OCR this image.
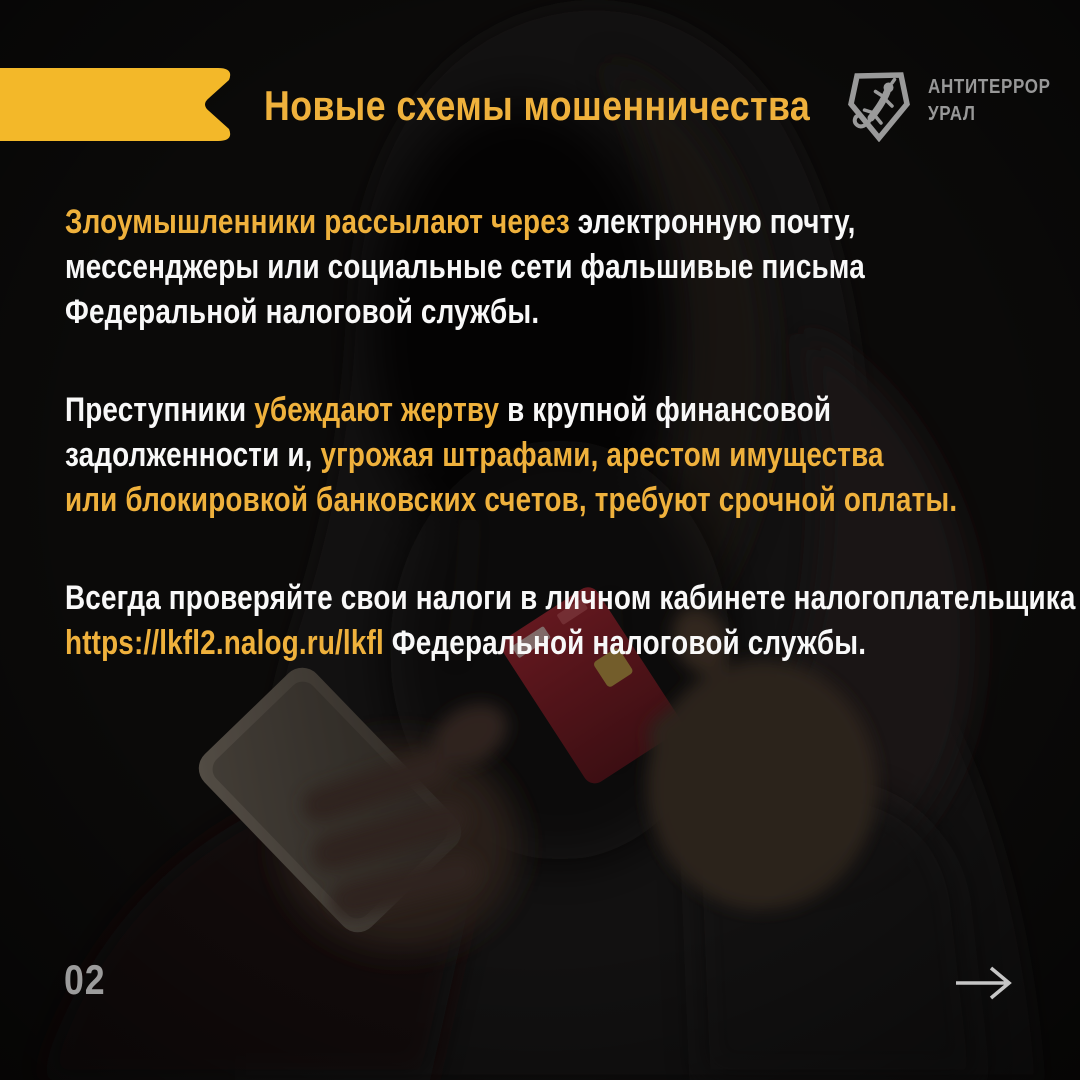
Новые схемы мошенничества	АНТИТЕРРОР
УРАЛ
Злоумышленники рассылают через электронную почту,
мессенджеры или социальные сети фальшивые письма
Федеральной налоговой службы.
Преступники убеждают жертву в крупной финансовой
задолженности и, угрожая штрафами, арестом имущества
или блокировкой банковских счетов, требуют срочной оплаты.
Всегда проверяйте свои налоги в личном кабинете налогоплательщика
https://lkfl2.nalog.ru/lkfl Федеральной налоговой службы.
02
